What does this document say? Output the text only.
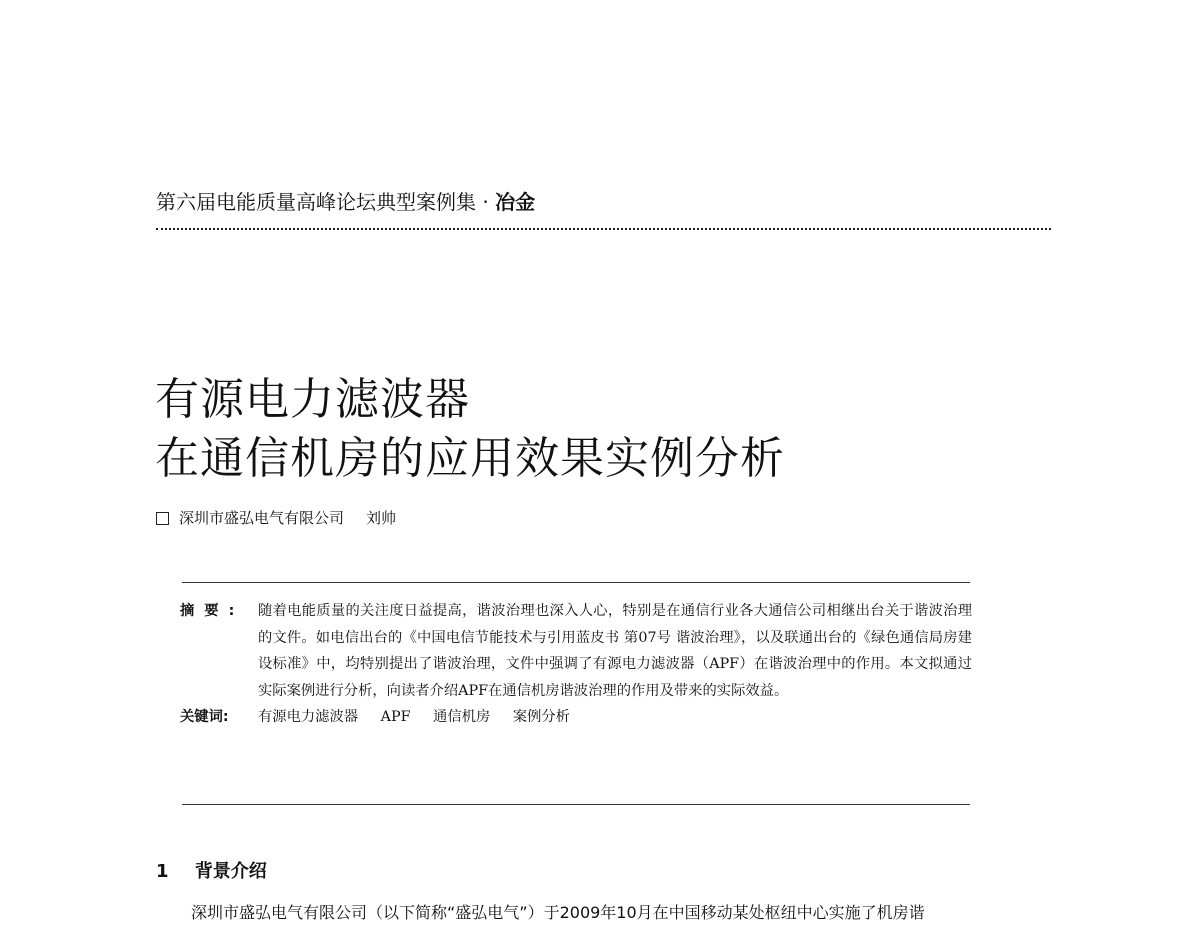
第六届电能质量高峰论坛典型案例集 · 冶金
有源电力滤波器
在通信机房的应用效果实例分析
深圳市盛弘电气有限公司 刘帅
摘要: 随着电能质量的关注度日益提高，谐波治理也深入人心，特别是在通信行业各大通信公司相继出台关于谐波治理的文件。如电信出台的《中国电信节能技术与引用蓝皮书 第07号 谐波治理》，以及联通出台的《绿色通信局房建设标准》中，均特别提出了谐波治理，文件中强调了有源电力滤波器（APF）在谐波治理中的作用。本文拟通过实际案例进行分析，向读者介绍APF在通信机房谐波治理的作用及带来的实际效益。
关键词:	有源电力滤波器 APF 通信机房 案例分析
1 背景介绍
深圳市盛弘电气有限公司（以下简称“盛弘电气”）于2009年10月在中国移动某处枢纽中心实施了机房谐
